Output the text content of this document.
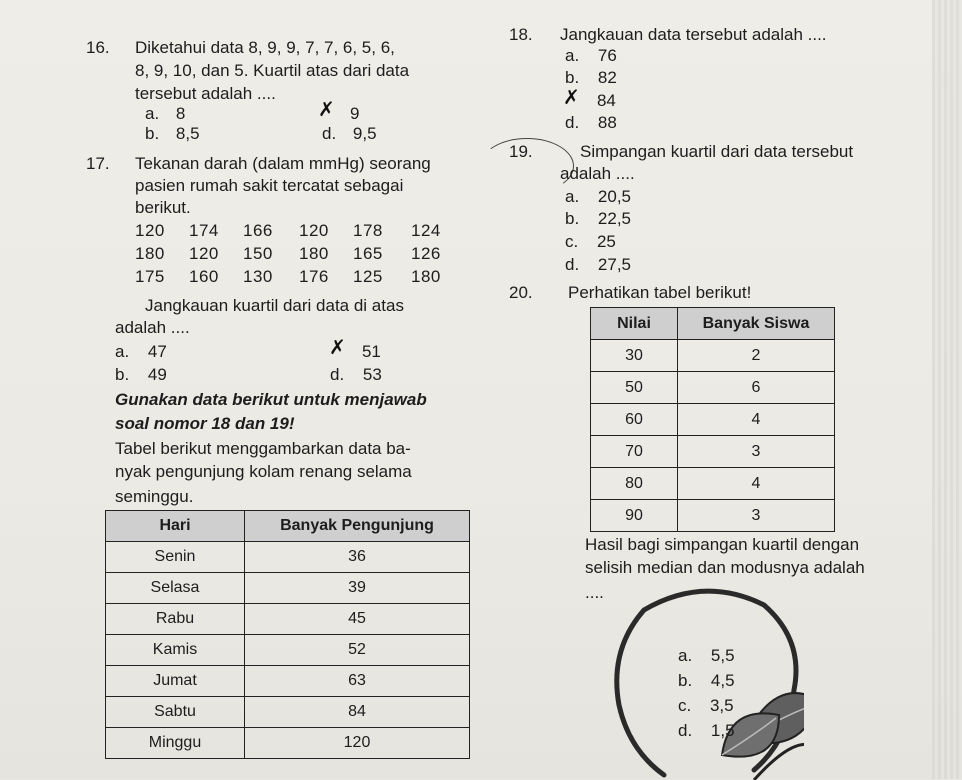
16. Diketahui data 8, 9, 9, 7, 7, 6, 5, 6,
8, 9, 10, dan 5. Kuartil atas dari data
tersebut adalah ....
a. 8
b. 8,5
9
✗
d. 9,5
17. Tekanan darah (dalam mmHg) seorang
pasien rumah sakit tercatat sebagai
berikut.
120 174 166 120 178 124
180 120 150 180 165 126
175 160 130 176 125 180
Jangkauan kuartil dari data di atas
adalah ....
a. 47
b. 49
51
✗
d. 53
Gunakan data berikut untuk menjawab
soal nomor 18 dan 19!
Tabel berikut menggambarkan data ba-
nyak pengunjung kolam renang selama
seminggu.
Hari	Banyak Pengunjung
Senin	36
Selasa	39
Rabu	45
Kamis	52
Jumat	63
Sabtu	84
Minggu	120
18. Jangkauan data tersebut adalah ....
a. 76
b. 82
84
✗
d. 88
19.	Simpangan kuartil dari data tersebut
adalah ....
a. 20,5
b. 22,5
c. 25
d. 27,5
20. Perhatikan tabel berikut!
Nilai	Banyak Siswa
30	2
50	6
60	4
70	3
80	4
90	3
Hasil bagi simpangan kuartil dengan
selisih median dan modusnya adalah
....
a. 5,5
b. 4,5
c. 3,5
d. 1,5
